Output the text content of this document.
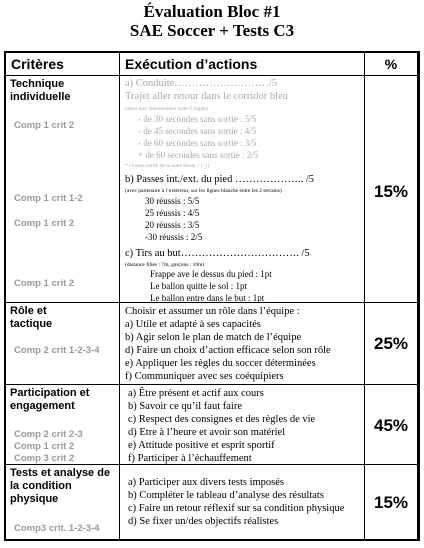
Évaluation Bloc #1
SAE Soccer + Tests C3
Critères	Exécution d’actions	%
Technique
individuelle
Comp 1 crit 2
Comp 1 crit 1-2
Comp 1 crit 2
Comp 1 crit 2
a) Conduite………………………/5
Trajet aller retour dans le corridor bleu
(alors aux intersections juste/3 réglés)
- de 30 secondes sans sortie : 5/5
- de 45 secondes sans sortie : 4/5
- de 60 secondes sans sortie : 3/5
+ de 60 secondes sans sortie : 2/5
* chaque sortie de la zone bleue = (-1)
b) Passes int./ext. du pied ……………….. /5
(avec partenaire à l’extérieur, sur les lignes blanche entre les 2 terrains)
30 réussis : 5/5
25 réussis : 4/5
20 réussis : 3/5
-30 réussis : 2/5
c) Tirs au but……………………………. /5
(distance filles : 7m, garçons : 10m)
Frappe ave le dessus du pied : 1pt
Le ballon quitte le sol : 1pt
Le ballon entre dans le but : 1pt
15%
Rôle et
tactique
Comp 2 crit 1-2-3-4
Choisir et assumer un rôle dans l’équipe :
a) Utile et adapté à ses capacités
b) Agir selon le plan de match de l’équipe
d) Faire un choix d’action efficace selon son rôle
e) Appliquer les règles du soccer déterminées
f) Communiquer avec ses coéquipiers
25%
Participation et
engagement
Comp 2 crit 2-3
Comp 1 crit 2
Comp 3 crit 2
a) Être présent et actif aux cours
b) Savoir ce qu’il faut faire
c) Respect des consignes et des règles de vie
d) Etre à l’heure et avoir son matériel
e) Attitude positive et esprit sportif
f) Participer à l’échauffement
45%
Tests et analyse de
la condition
physique
Comp3 crit. 1-2-3-4
a) Participer aux divers tests imposés
b) Compléter le tableau d’analyse des résultats
c) Faire un retour réflexif sur sa condition physique
d) Se fixer un/des objectifs réalistes
15%
